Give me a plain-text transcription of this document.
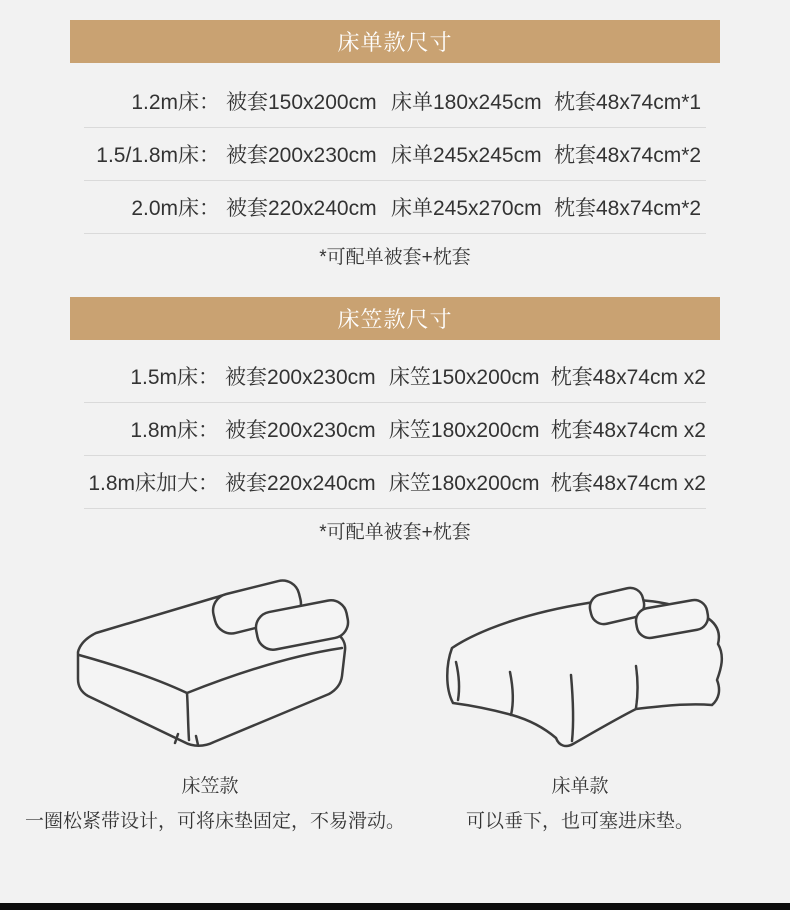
床单款尺寸
1.2m床： 被套150x200cm 床单180x245cm 枕套48x74cm*1
1.5/1.8m床： 被套200x230cm 床单245x245cm 枕套48x74cm*2
2.0m床： 被套220x240cm 床单245x270cm 枕套48x74cm*2
*可配单被套+枕套
床笠款尺寸
1.5m床： 被套200x230cm 床笠150x200cm 枕套48x74cm x2
1.8m床： 被套200x230cm 床笠180x200cm 枕套48x74cm x2
1.8m床加大： 被套220x240cm 床笠180x200cm 枕套48x74cm x2
*可配单被套+枕套
床笠款
一圈松紧带设计，可将床垫固定，不易滑动。
床单款
可以垂下，也可塞进床垫。
